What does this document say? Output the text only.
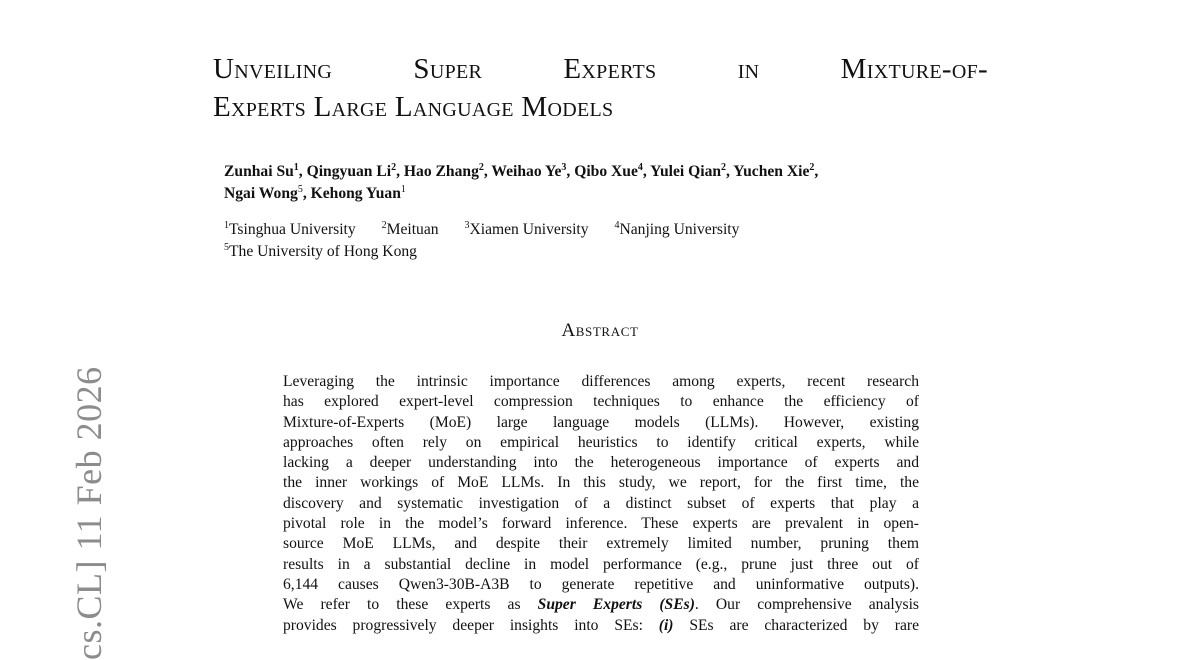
cs.CL] 11 Feb 2026
Unveiling	Super	Experts	in	Mixture-of-
Experts Large Language Models

Zunhai Su$^1$, Qingyuan Li$^2$, Hao Zhang$^2$, Weihao Ye$^3$, Qibo Xue$^4$, Yulei Qian$^2$, Yuchen Xie$^2$,
Ngai Wong$^5$, Kehong Yuan$^1$

$^1$Tsinghua University	$^2$Meituan	$^3$Xiamen University	$^4$Nanjing University
$^5$The University of Hong Kong

Abstract
Leveraging the intrinsic importance differences among experts, recent research
has explored expert-level compression techniques to enhance the efficiency of
Mixture-of-Experts (MoE) large language models (LLMs). However, existing
approaches often rely on empirical heuristics to identify critical experts, while
lacking a deeper understanding into the heterogeneous importance of experts and
the inner workings of MoE LLMs. In this study, we report, for the first time, the
discovery and systematic investigation of a distinct subset of experts that play a
pivotal role in the model’s forward inference. These experts are prevalent in open-
source MoE LLMs, and despite their extremely limited number, pruning them
results in a substantial decline in model performance (e.g., prune just three out of
6,144 causes Qwen3-30B-A3B to generate repetitive and uninformative outputs).
We refer to these experts as Super Experts (SEs). Our comprehensive analysis
provides progressively deeper insights into SEs: (i) SEs are characterized by rare
